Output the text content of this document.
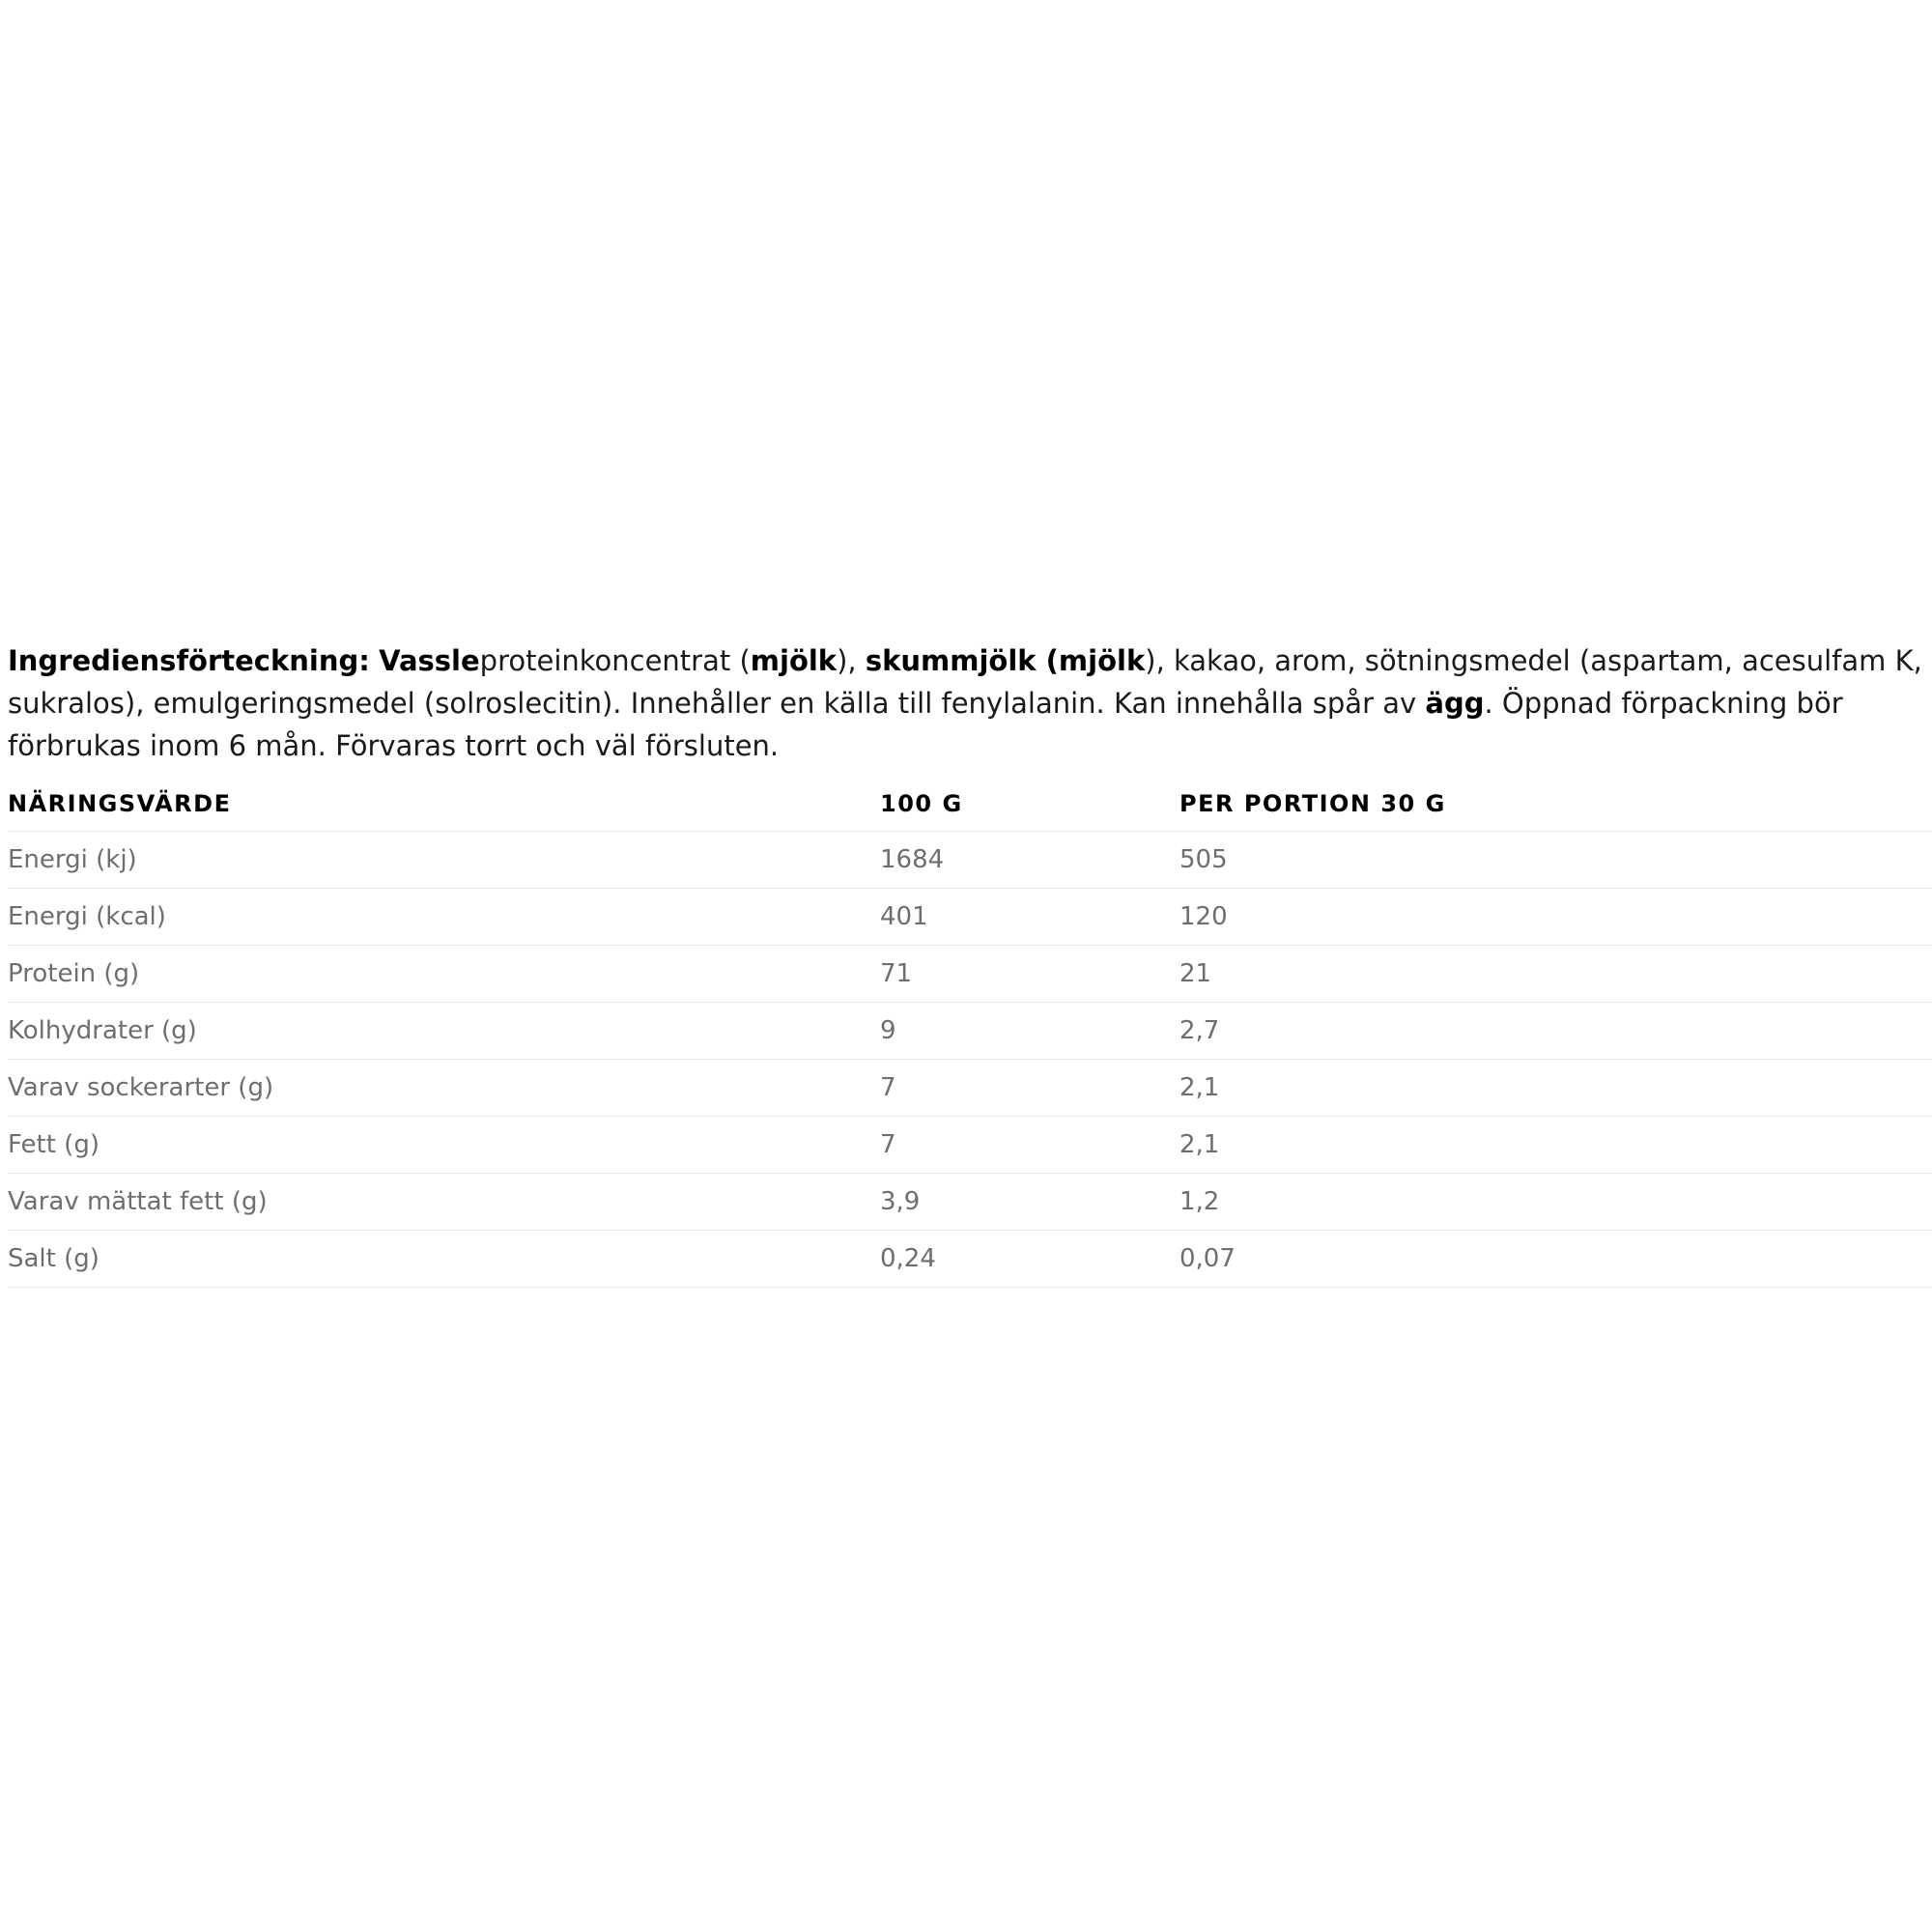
Ingrediensförteckning: Vassleproteinkoncentrat (mjölk), skummjölk (mjölk), kakao, arom, sötningsmedel (aspartam, acesulfam K, sukralos), emulgeringsmedel (solroslecitin). Innehåller en källa till fenylalanin. Kan innehålla spår av ägg. Öppnad förpackning bör förbrukas inom 6 mån. Förvaras torrt och väl försluten.

NÄRINGSVÄRDE	100 G	PER PORTION 30 G
Energi (kj)	1684	505
Energi (kcal)	401	120
Protein (g)	71	21
Kolhydrater (g)	9	2,7
Varav sockerarter (g)	7	2,1
Fett (g)	7	2,1
Varav mättat fett (g)	3,9	1,2
Salt (g)	0,24	0,07
